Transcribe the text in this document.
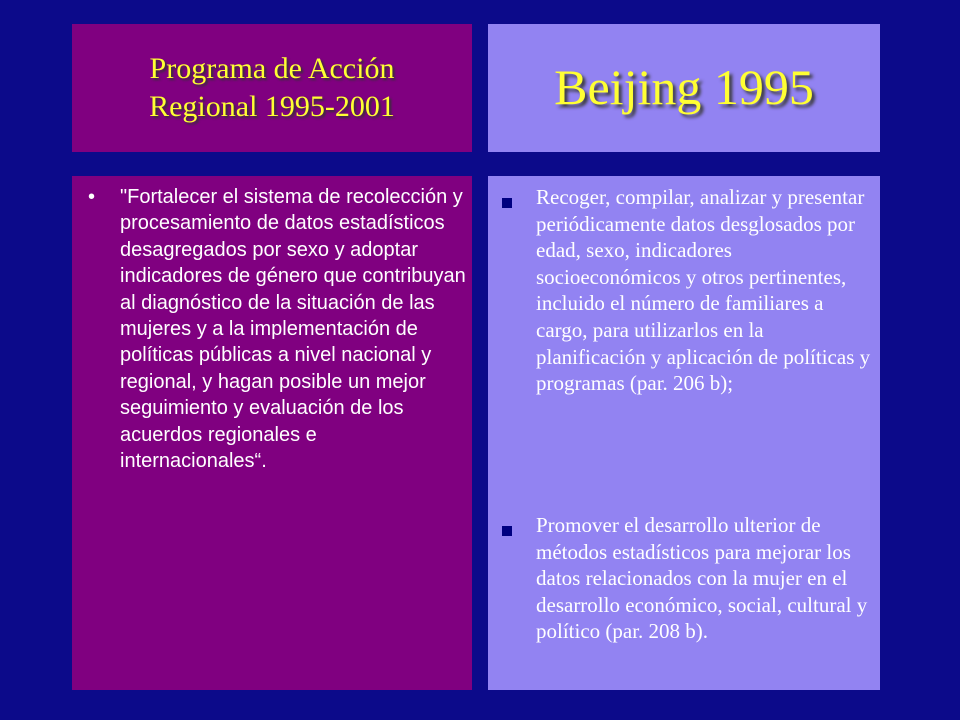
Programa de Acción
Regional 1995-2001	Beijing 1995
•	"Fortalecer el sistema de recolección y procesamiento de datos estadísticos desagregados por sexo y adoptar indicadores de género que contribuyan al diagnóstico de la situación de las mujeres y a la implementación de políticas públicas a nivel nacional y regional, y hagan posible un mejor seguimiento y evaluación de los acuerdos regionales e internacionales“.
Recoger, compilar, analizar y presentar periódicamente datos desglosados por edad, sexo, indicadores socioeconómicos y otros pertinentes, incluido el número de familiares a cargo, para utilizarlos en la planificación y aplicación de políticas y programas (par. 206 b);
Promover el desarrollo ulterior de métodos estadísticos para mejorar los datos relacionados con la mujer en el desarrollo económico, social, cultural y político (par. 208 b).
